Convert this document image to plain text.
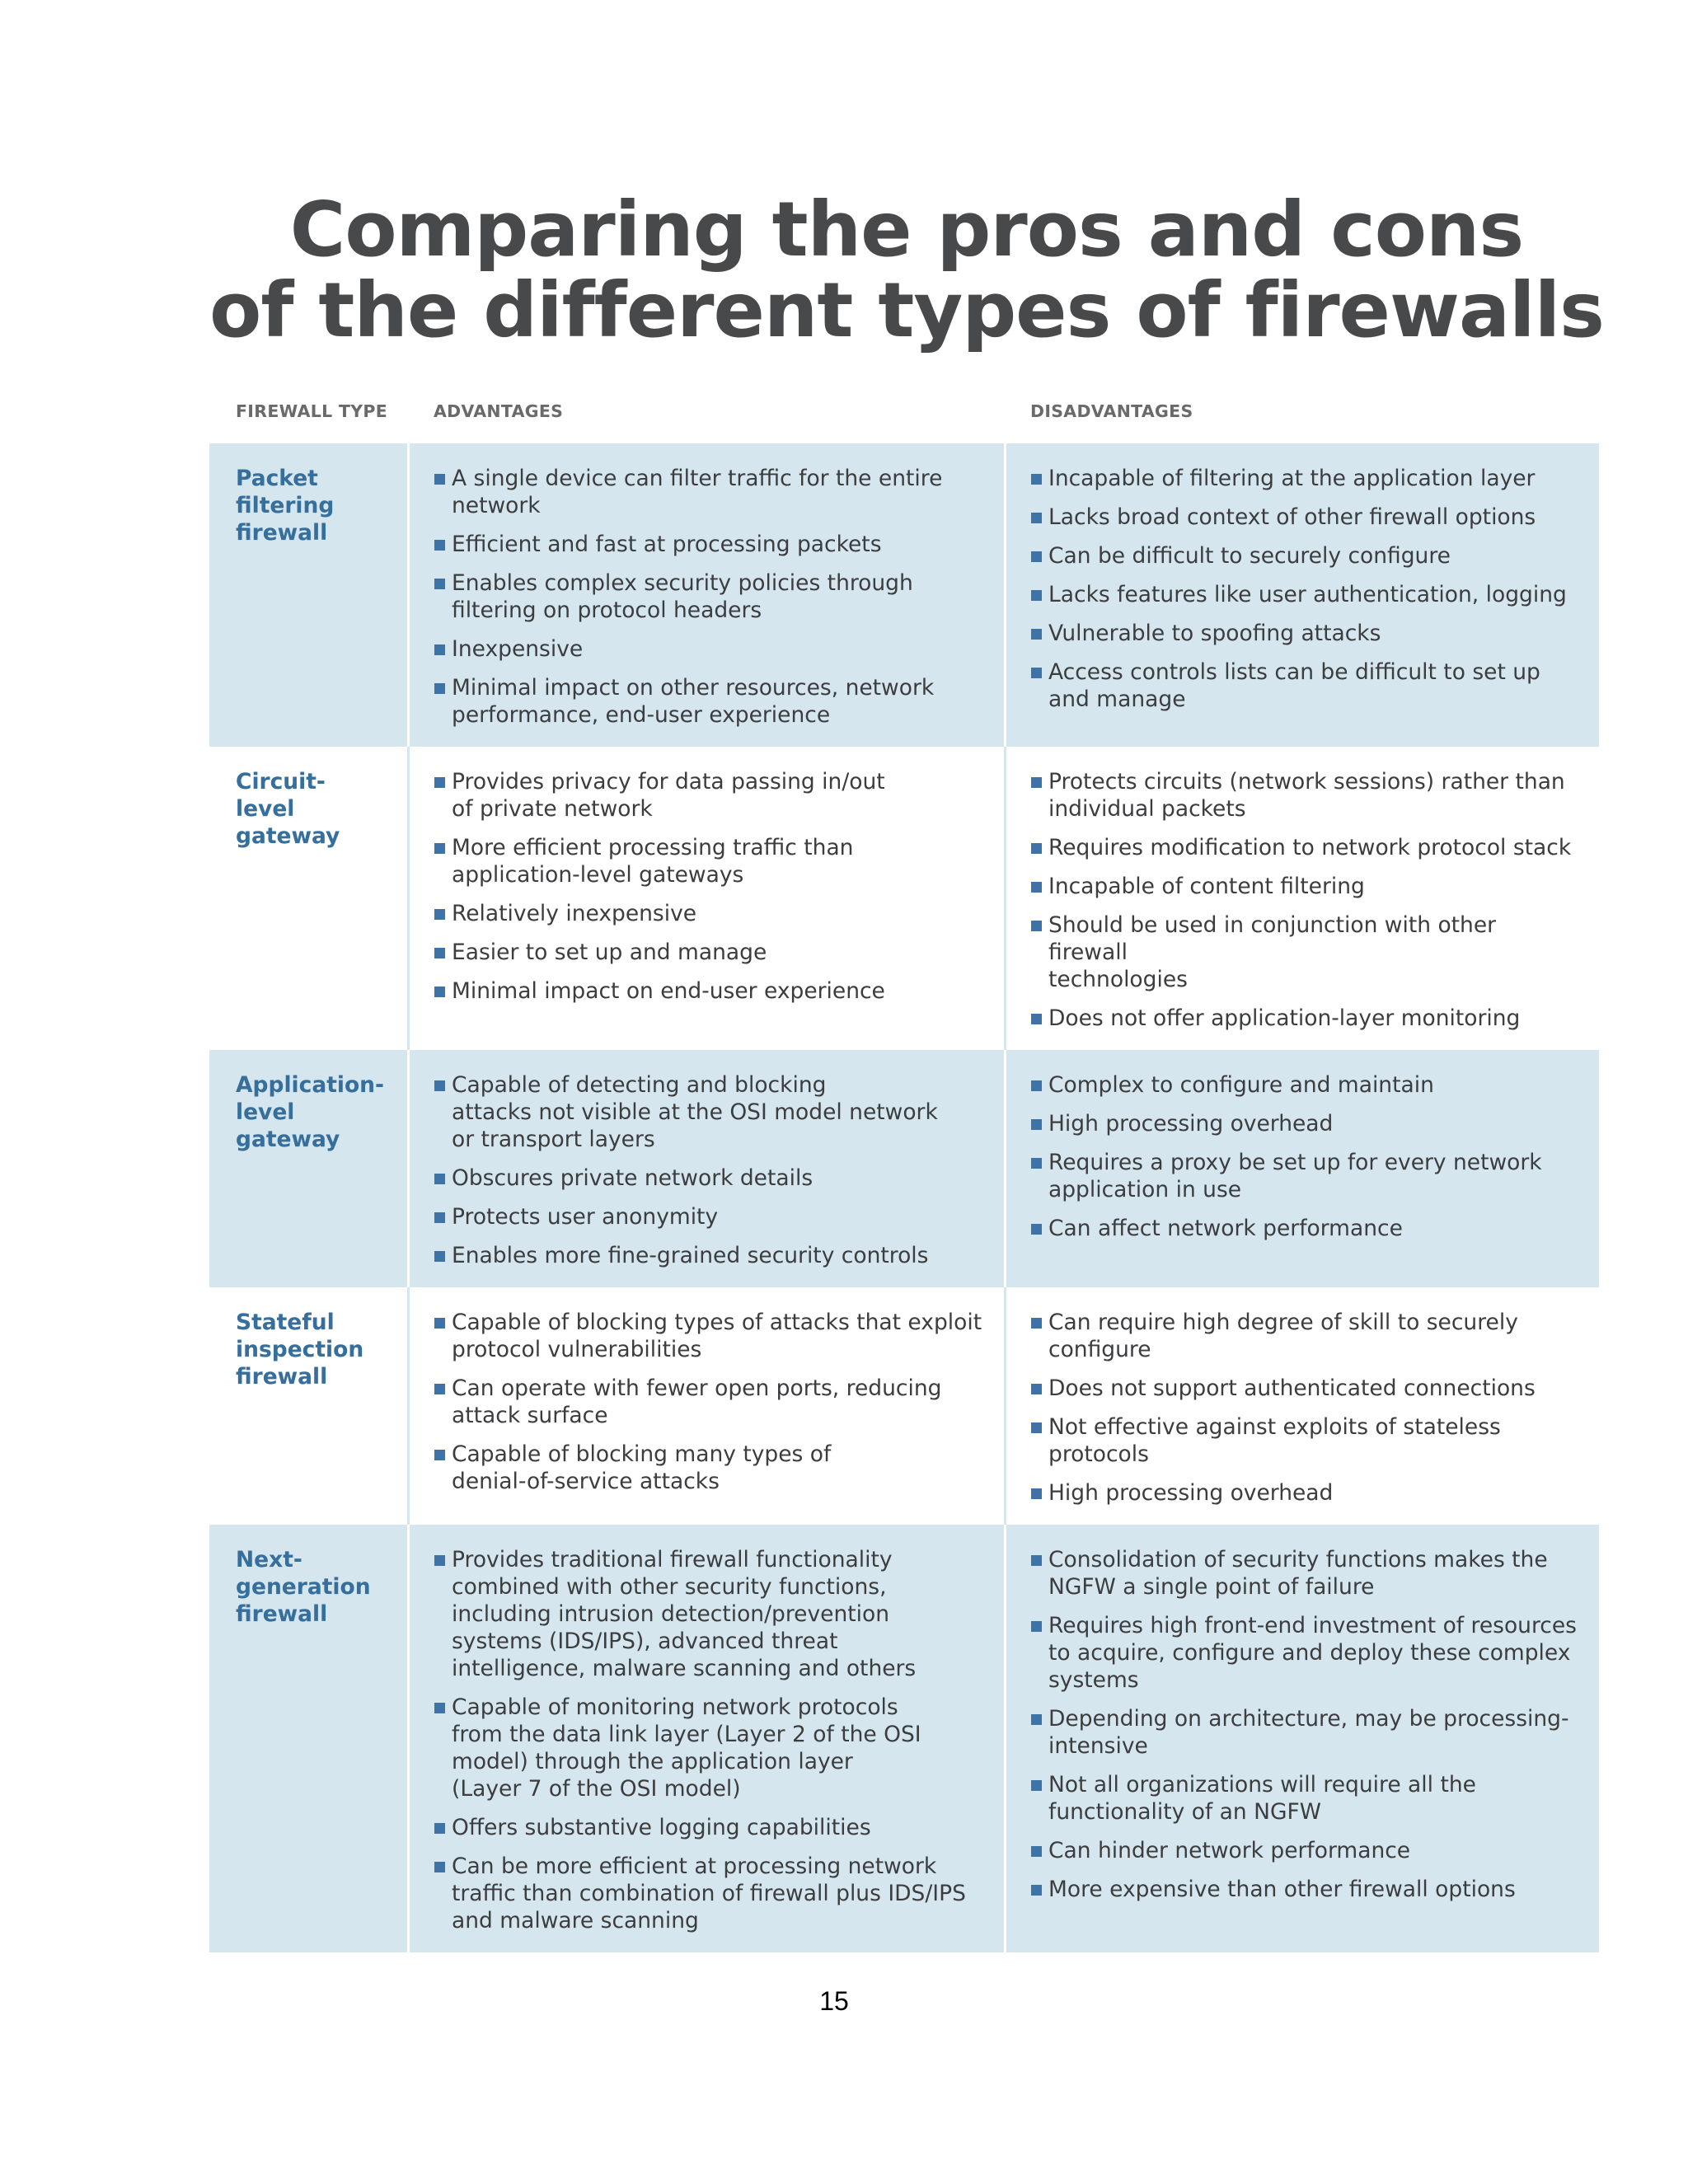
Comparing the pros and cons
of the different types of firewalls
FIREWALL TYPE	ADVANTAGES	DISADVANTAGES
Packet
filtering
firewall
A single device can filter traffic for the entire
network
Efficient and fast at processing packets
Enables complex security policies through
filtering on protocol headers
Inexpensive
Minimal impact on other resources, network
performance, end-user experience
Incapable of filtering at the application layer
Lacks broad context of other firewall options
Can be difficult to securely configure
Lacks features like user authentication, logging
Vulnerable to spoofing attacks
Access controls lists can be difficult to set up
and manage
Circuit-
level
gateway
Provides privacy for data passing in/out
of private network
More efficient processing traffic than
application-level gateways
Relatively inexpensive
Easier to set up and manage
Minimal impact on end-user experience
Protects circuits (network sessions) rather than
individual packets
Requires modification to network protocol stack
Incapable of content filtering
Should be used in conjunction with other firewall
technologies
Does not offer application-layer monitoring
Application-
level
gateway
Capable of detecting and blocking
attacks not visible at the OSI model network
or transport layers
Obscures private network details
Protects user anonymity
Enables more fine-grained security controls
Complex to configure and maintain
High processing overhead
Requires a proxy be set up for every network
application in use
Can affect network performance
Stateful
inspection
firewall
Capable of blocking types of attacks that exploit
protocol vulnerabilities
Can operate with fewer open ports, reducing
attack surface
Capable of blocking many types of
denial-of-service attacks
Can require high degree of skill to securely
configure
Does not support authenticated connections
Not effective against exploits of stateless
protocols
High processing overhead
Next-
generation
firewall
Provides traditional firewall functionality
combined with other security functions,
including intrusion detection/prevention
systems (IDS/IPS), advanced threat
intelligence, malware scanning and others
Capable of monitoring network protocols
from the data link layer (Layer 2 of the OSI
model) through the application layer
(Layer 7 of the OSI model)
Offers substantive logging capabilities
Can be more efficient at processing network
traffic than combination of firewall plus IDS/IPS
and malware scanning
Consolidation of security functions makes the
NGFW a single point of failure
Requires high front-end investment of resources
to acquire, configure and deploy these complex
systems
Depending on architecture, may be processing-
intensive
Not all organizations will require all the
functionality of an NGFW
Can hinder network performance
More expensive than other firewall options
15
